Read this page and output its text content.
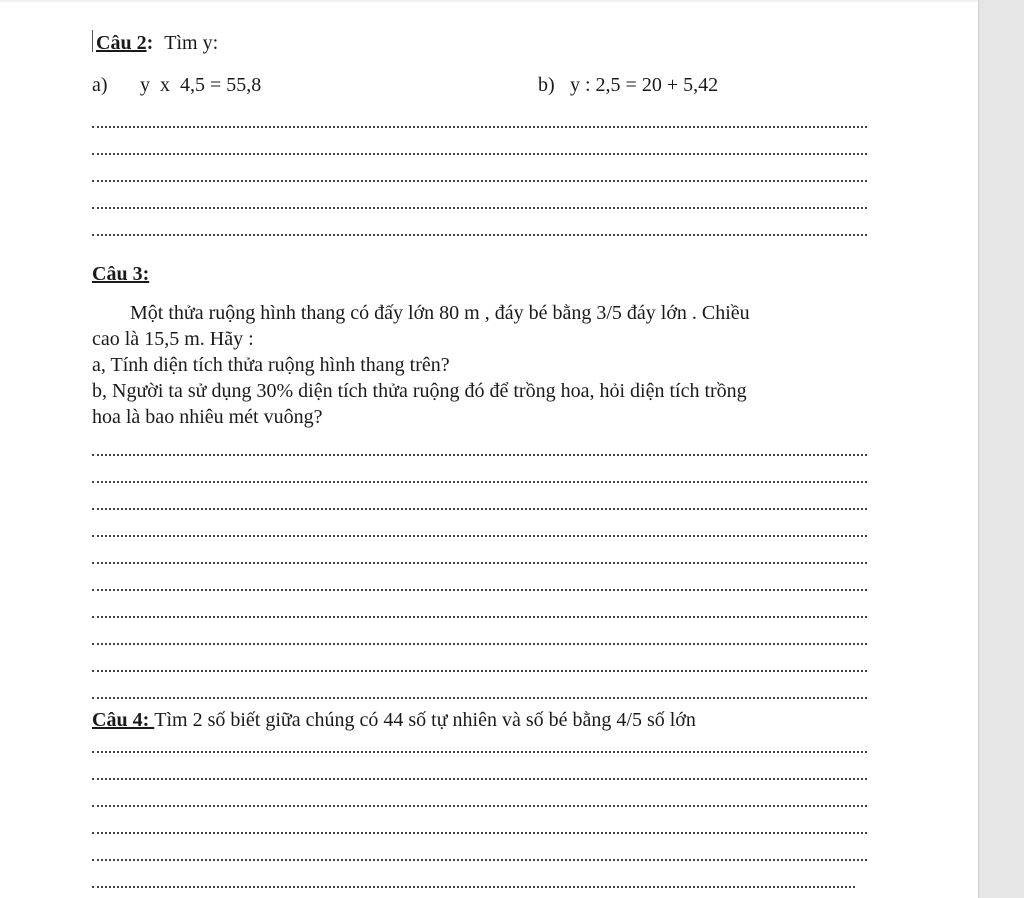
Câu 2: Tìm y:
a) y  x  4,5 = 55,8	b) y : 2,5 = 20 + 5,42
Câu 3:
Một thửa ruộng hình thang có đấy lớn 80 m , đáy bé bằng 3/5 đáy lớn . Chiều
cao là 15,5 m. Hãy :
a, Tính diện tích thửa ruộng hình thang trên?
b, Người ta sử dụng 30% diện tích thửa ruộng đó để trồng hoa, hỏi diện tích trồng
hoa là bao nhiêu mét vuông?
Câu 4: Tìm 2 số biết giữa chúng có 44 số tự nhiên và số bé bằng 4/5 số lớn
